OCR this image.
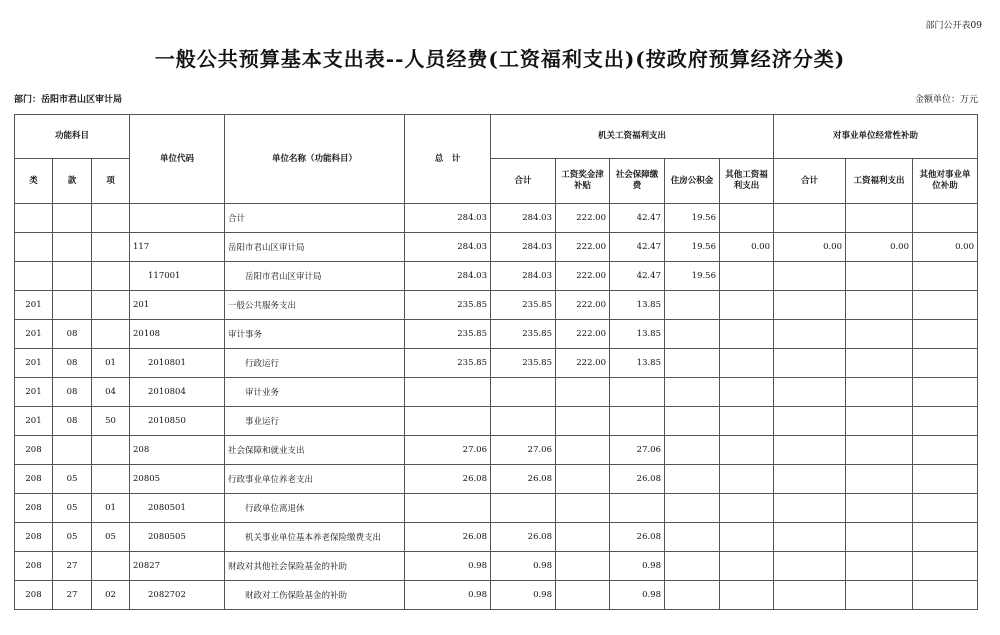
部门公开表09
一般公共预算基本支出表--人员经费(工资福利支出)(按政府预算经济分类)
部门：岳阳市君山区审计局	金额单位：万元
功能科目			单位代码	单位名称（功能科目）	总　计	机关工资福利支出					对事业单位经常性补助		
类	款	项				合计	工资奖金津补贴	社会保障缴费	住房公积金	其他工资福利支出	合计	工资福利支出	其他对事业单位补助
				合计	284.03	284.03	222.00	42.47	19.56				
			117	岳阳市君山区审计局	284.03	284.03	222.00	42.47	19.56	0.00	0.00	0.00	0.00
			117001	岳阳市君山区审计局	284.03	284.03	222.00	42.47	19.56				
201			201	一般公共服务支出	235.85	235.85	222.00	13.85					
201	08		20108	审计事务	235.85	235.85	222.00	13.85					
201	08	01	2010801	行政运行	235.85	235.85	222.00	13.85					
201	08	04	2010804	审计业务									
201	08	50	2010850	事业运行									
208			208	社会保障和就业支出	27.06	27.06		27.06					
208	05		20805	行政事业单位养老支出	26.08	26.08		26.08					
208	05	01	2080501	行政单位离退休									
208	05	05	2080505	机关事业单位基本养老保险缴费支出	26.08	26.08		26.08					
208	27		20827	财政对其他社会保险基金的补助	0.98	0.98		0.98					
208	27	02	2082702	财政对工伤保险基金的补助	0.98	0.98		0.98					
